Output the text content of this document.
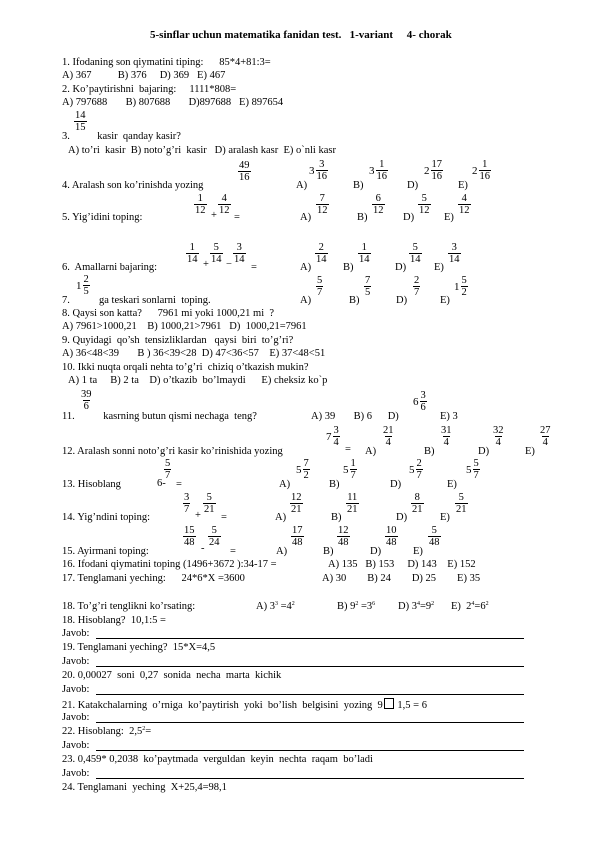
5-sinflar uchun matematika fanidan test.   1-variant     4- chorak
1. Ifodaning son qiymatini tiping:      85*4+81:3=
A) 367          B) 376     D) 369   E) 467
2. Ko’paytirishni  bajaring:     1111*808=
A) 797688       B) 807688       D)897688   E) 897654
3.
14
15
kasir  qanday kasir?
A) to’ri  kasir  B) noto’g’ri  kasir   D) aralash kasr  E) o`nli kasr
4. Aralash son ko’rinishda yozing
49
16
A)
3
3
16
B)
3
1
16
D)
2
17
16
E)
2
1
16
5. Yig’idini toping:
1
12 +
4
12
=	A)
7
12
B)
6
12
D)
5
12
E)
4
12
6.  Amallarni bajaring:
1
14 +
5
14 −
3
14
=	A)
2
14
B)
1
14
D)
5
14
E)
3
14
7.
1
2
5
ga teskari sonlarni  toping.	A)
5
7
B)
7
5
D)
2
7
E)
1
5
2
8. Qaysi son katta?      7961 mi yoki 1000,21 mi  ?
A) 7961>1000,21    B) 1000,21>7961   D)  1000,21=7961
9. Quyidagi  qo’sh  tensizliklardan   qaysi  biri  to’g’ri?
A) 36<48<39       B ) 36<39<28  D) 47<36<57    E) 37<48<51
10. Ikki nuqta orqali nehta to’g’ri  chiziq o’tkazish mukin?
A) 1 ta     B) 2 ta    D) o’tkazib  bo’lmaydi      E) cheksiz ko`p
11.
39
6
kasrning butun qismi nechaga  teng?	A) 39       B) 6      D)
6
3
6
E) 3
12. Aralash sonni noto’g’ri kasir ko’rinishida yozing
7
3
4
= A)
21
4
B)
31
4
D)
32
4
E)
27
4
13. Hisoblang	6-
5
7
=	A)
5
7
2
B)
5
1
7
D)
5
2
7
E)
5
5
7
14. Yig’ndini toping:
3
7
+
5
21
=	A)
12
21
B)
11
21
D)
8
21
E)
5
21
15. Ayirmani toping:
15
48
-
5
24
=	A)
17
48
B)
12
48
D)
10
48
E)
5
48
16. Ifodani qiymatini toping (1496+3672 ):34-17 =	A) 135   B) 153     D) 143    E) 152
17. Tenglamani yeching:      24*6*X =3600	A) 30        B) 24        D) 25        E) 35
18. To’g’ri tenglikni ko’rsating:	A) $3^3 =4^2$	B) $9^2 =3^6$ D) $3^4=9^2$ E)  $2^4=6^2$
18. Hisoblang?  10,1:5 =
Javob:
19. Tenglamani yeching?  15*X=4,5
Javob:
20. 0,00027  soni  0,27  sonida  necha  marta  kichik
Javob:
21. Katakchalarning  o’rniga  ko’paytirish  yoki  bo’lish  belgisini  yozing  9 1,5 = 6
Javob:
22. Hisoblang:  $2,5^2=$
Javob:
23. 0,459* 0,2038  ko’paytmada  verguldan  keyin  nechta  raqam  bo’ladi
Javob:
24. Tenglamani  yeching  X+25,4=98,1
